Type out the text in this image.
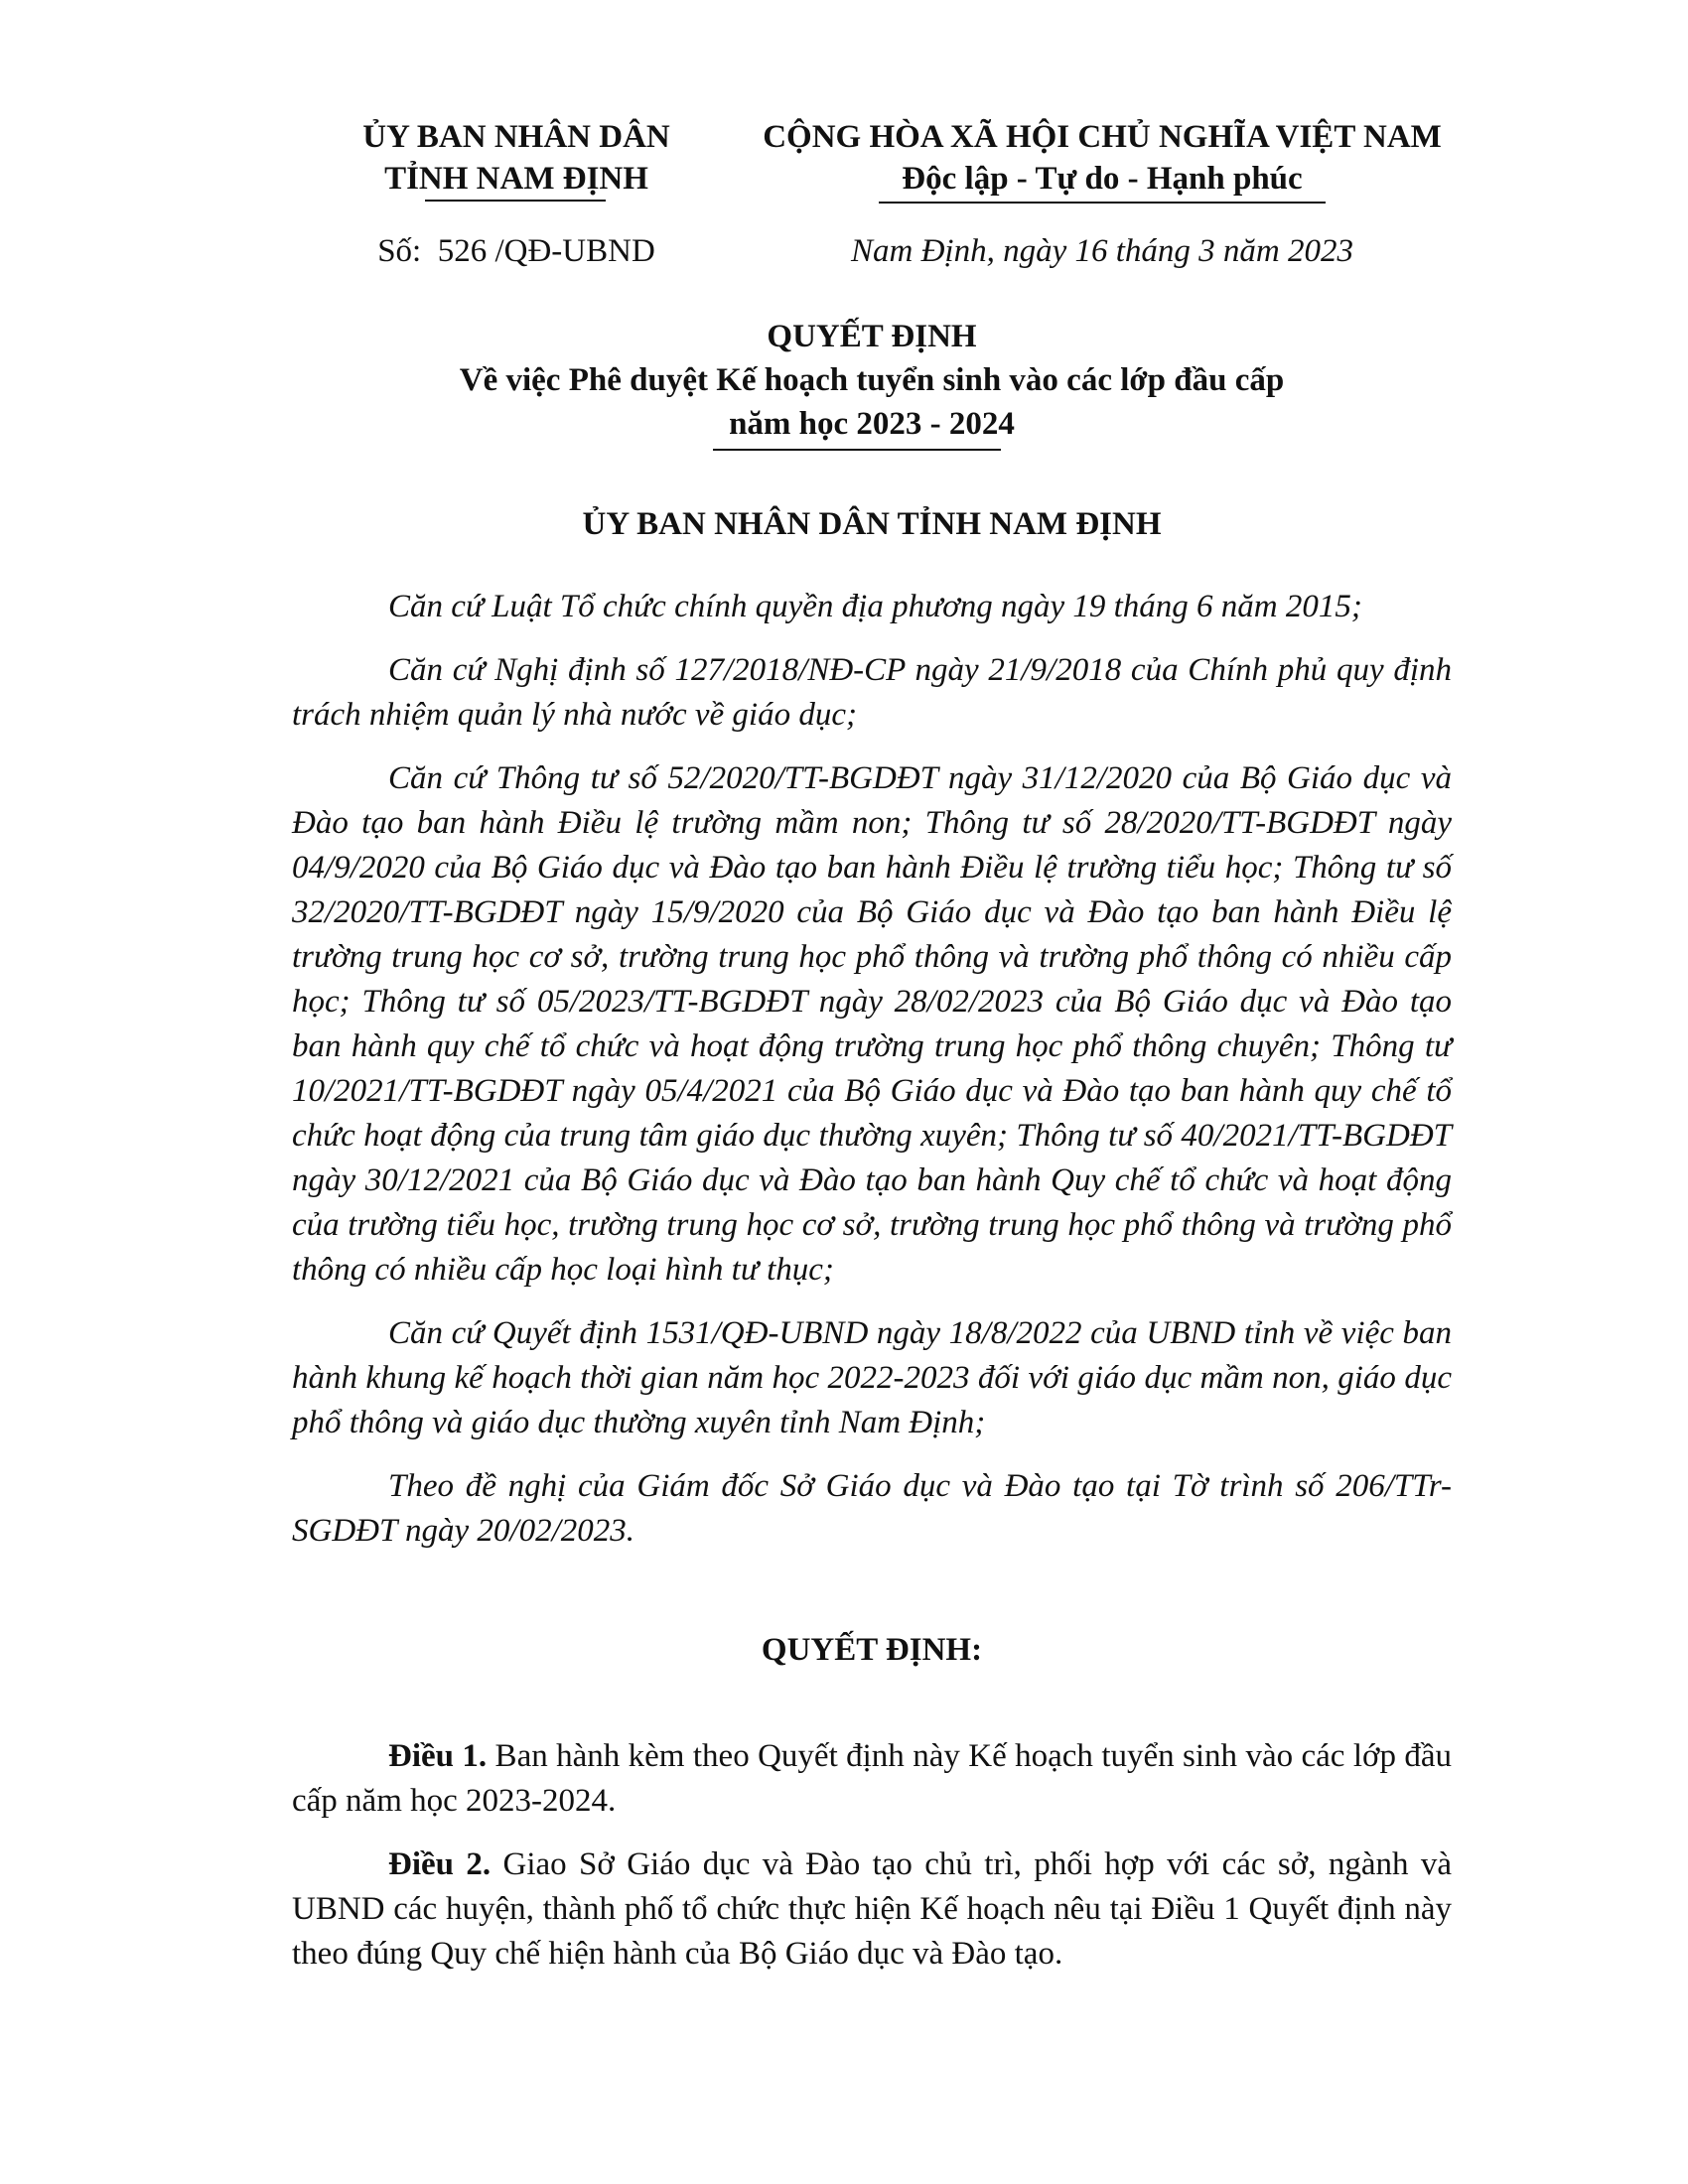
ỦY BAN NHÂN DÂN
TỈNH NAM ĐỊNH
CỘNG HÒA XÃ HỘI CHỦ NGHĨA VIỆT NAM
Độc lập - Tự do - Hạnh phúc
Số:  526 /QĐ-UBND	Nam Định, ngày 16 tháng 3 năm 2023
QUYẾT ĐỊNH
Về việc Phê duyệt Kế hoạch tuyển sinh vào các lớp đầu cấp
năm học 2023 - 2024
ỦY BAN NHÂN DÂN TỈNH NAM ĐỊNH

Căn cứ Luật Tổ chức chính quyền địa phương ngày 19 tháng 6 năm 2015;

Căn cứ Nghị định số 127/2018/NĐ-CP ngày 21/9/2018 của Chính phủ quy định trách nhiệm quản lý nhà nước về giáo dục;

Căn cứ Thông tư số 52/2020/TT-BGDĐT ngày 31/12/2020 của Bộ Giáo dục và Đào tạo ban hành Điều lệ trường mầm non; Thông tư số 28/2020/TT-BGDĐT ngày 04/9/2020 của Bộ Giáo dục và Đào tạo ban hành Điều lệ trường tiểu học; Thông tư số 32/2020/TT-BGDĐT ngày 15/9/2020 của Bộ Giáo dục và Đào tạo ban hành Điều lệ trường trung học cơ sở, trường trung học phổ thông và trường phổ thông có nhiều cấp học; Thông tư số 05/2023/TT-BGDĐT ngày 28/02/2023 của Bộ Giáo dục và Đào tạo ban hành quy chế tổ chức và hoạt động trường trung học phổ thông chuyên; Thông tư 10/2021/TT-BGDĐT ngày 05/4/2021 của Bộ Giáo dục và Đào tạo ban hành quy chế tổ chức hoạt động của trung tâm giáo dục thường xuyên; Thông tư số 40/2021/TT-BGDĐT ngày 30/12/2021 của Bộ Giáo dục và Đào tạo ban hành Quy chế tổ chức và hoạt động của trường tiểu học, trường trung học cơ sở, trường trung học phổ thông và trường phổ thông có nhiều cấp học loại hình tư thục;

Căn cứ Quyết định 1531/QĐ-UBND ngày 18/8/2022 của UBND tỉnh về việc ban hành khung kế hoạch thời gian năm học 2022-2023 đối với giáo dục mầm non, giáo dục phổ thông và giáo dục thường xuyên tỉnh Nam Định;

Theo đề nghị của Giám đốc Sở Giáo dục và Đào tạo tại Tờ trình số 206/TTr-SGDĐT ngày 20/02/2023.

QUYẾT ĐỊNH:

Điều 1. Ban hành kèm theo Quyết định này Kế hoạch tuyển sinh vào các lớp đầu cấp năm học 2023-2024.

Điều 2. Giao Sở Giáo dục và Đào tạo chủ trì, phối hợp với các sở, ngành và UBND các huyện, thành phố tổ chức thực hiện Kế hoạch nêu tại Điều 1 Quyết định này theo đúng Quy chế hiện hành của Bộ Giáo dục và Đào tạo.
